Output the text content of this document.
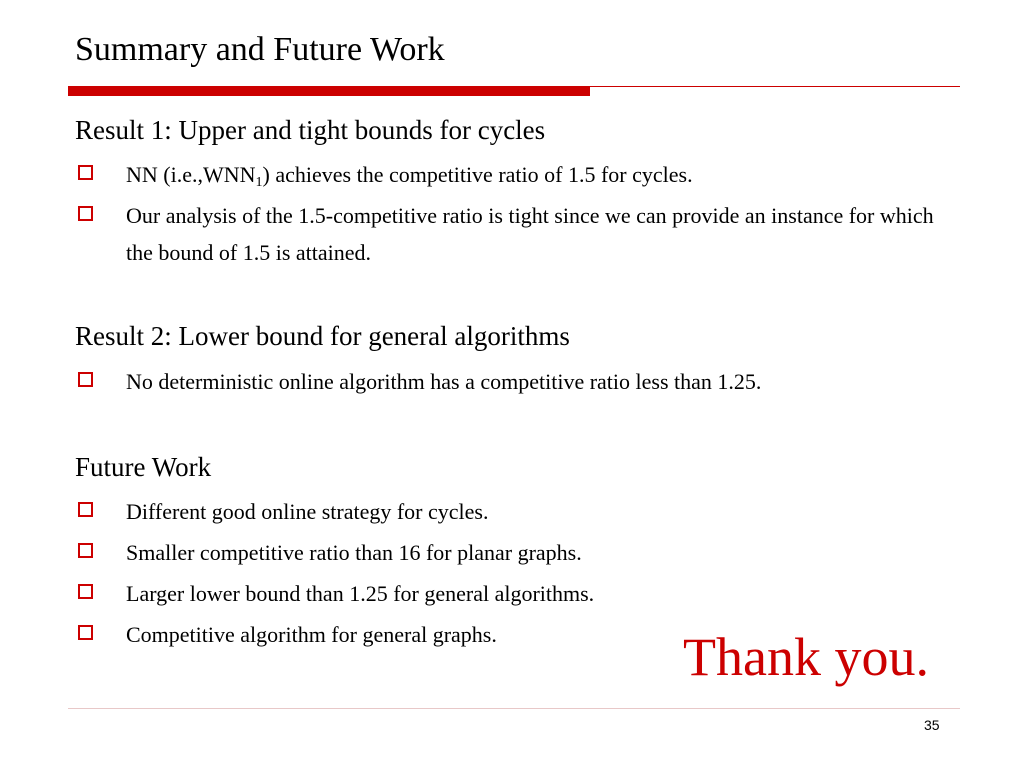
Summary and Future Work
Result 1: Upper and tight bounds for cycles
NN $(i.e.,WNN_1)$ achieves the competitive ratio of 1.5 for cycles.
Our analysis of the 1.5-competitive ratio is tight since we can provide an instance for which the bound of 1.5 is attained.
Result 2: Lower bound for general algorithms
No deterministic online algorithm has a competitive ratio less than 1.25.
Future Work
Different good online strategy for cycles.
Smaller competitive ratio than 16 for planar graphs.
Larger lower bound than 1.25 for general algorithms.
Competitive algorithm for general graphs.	Thank you.
35
